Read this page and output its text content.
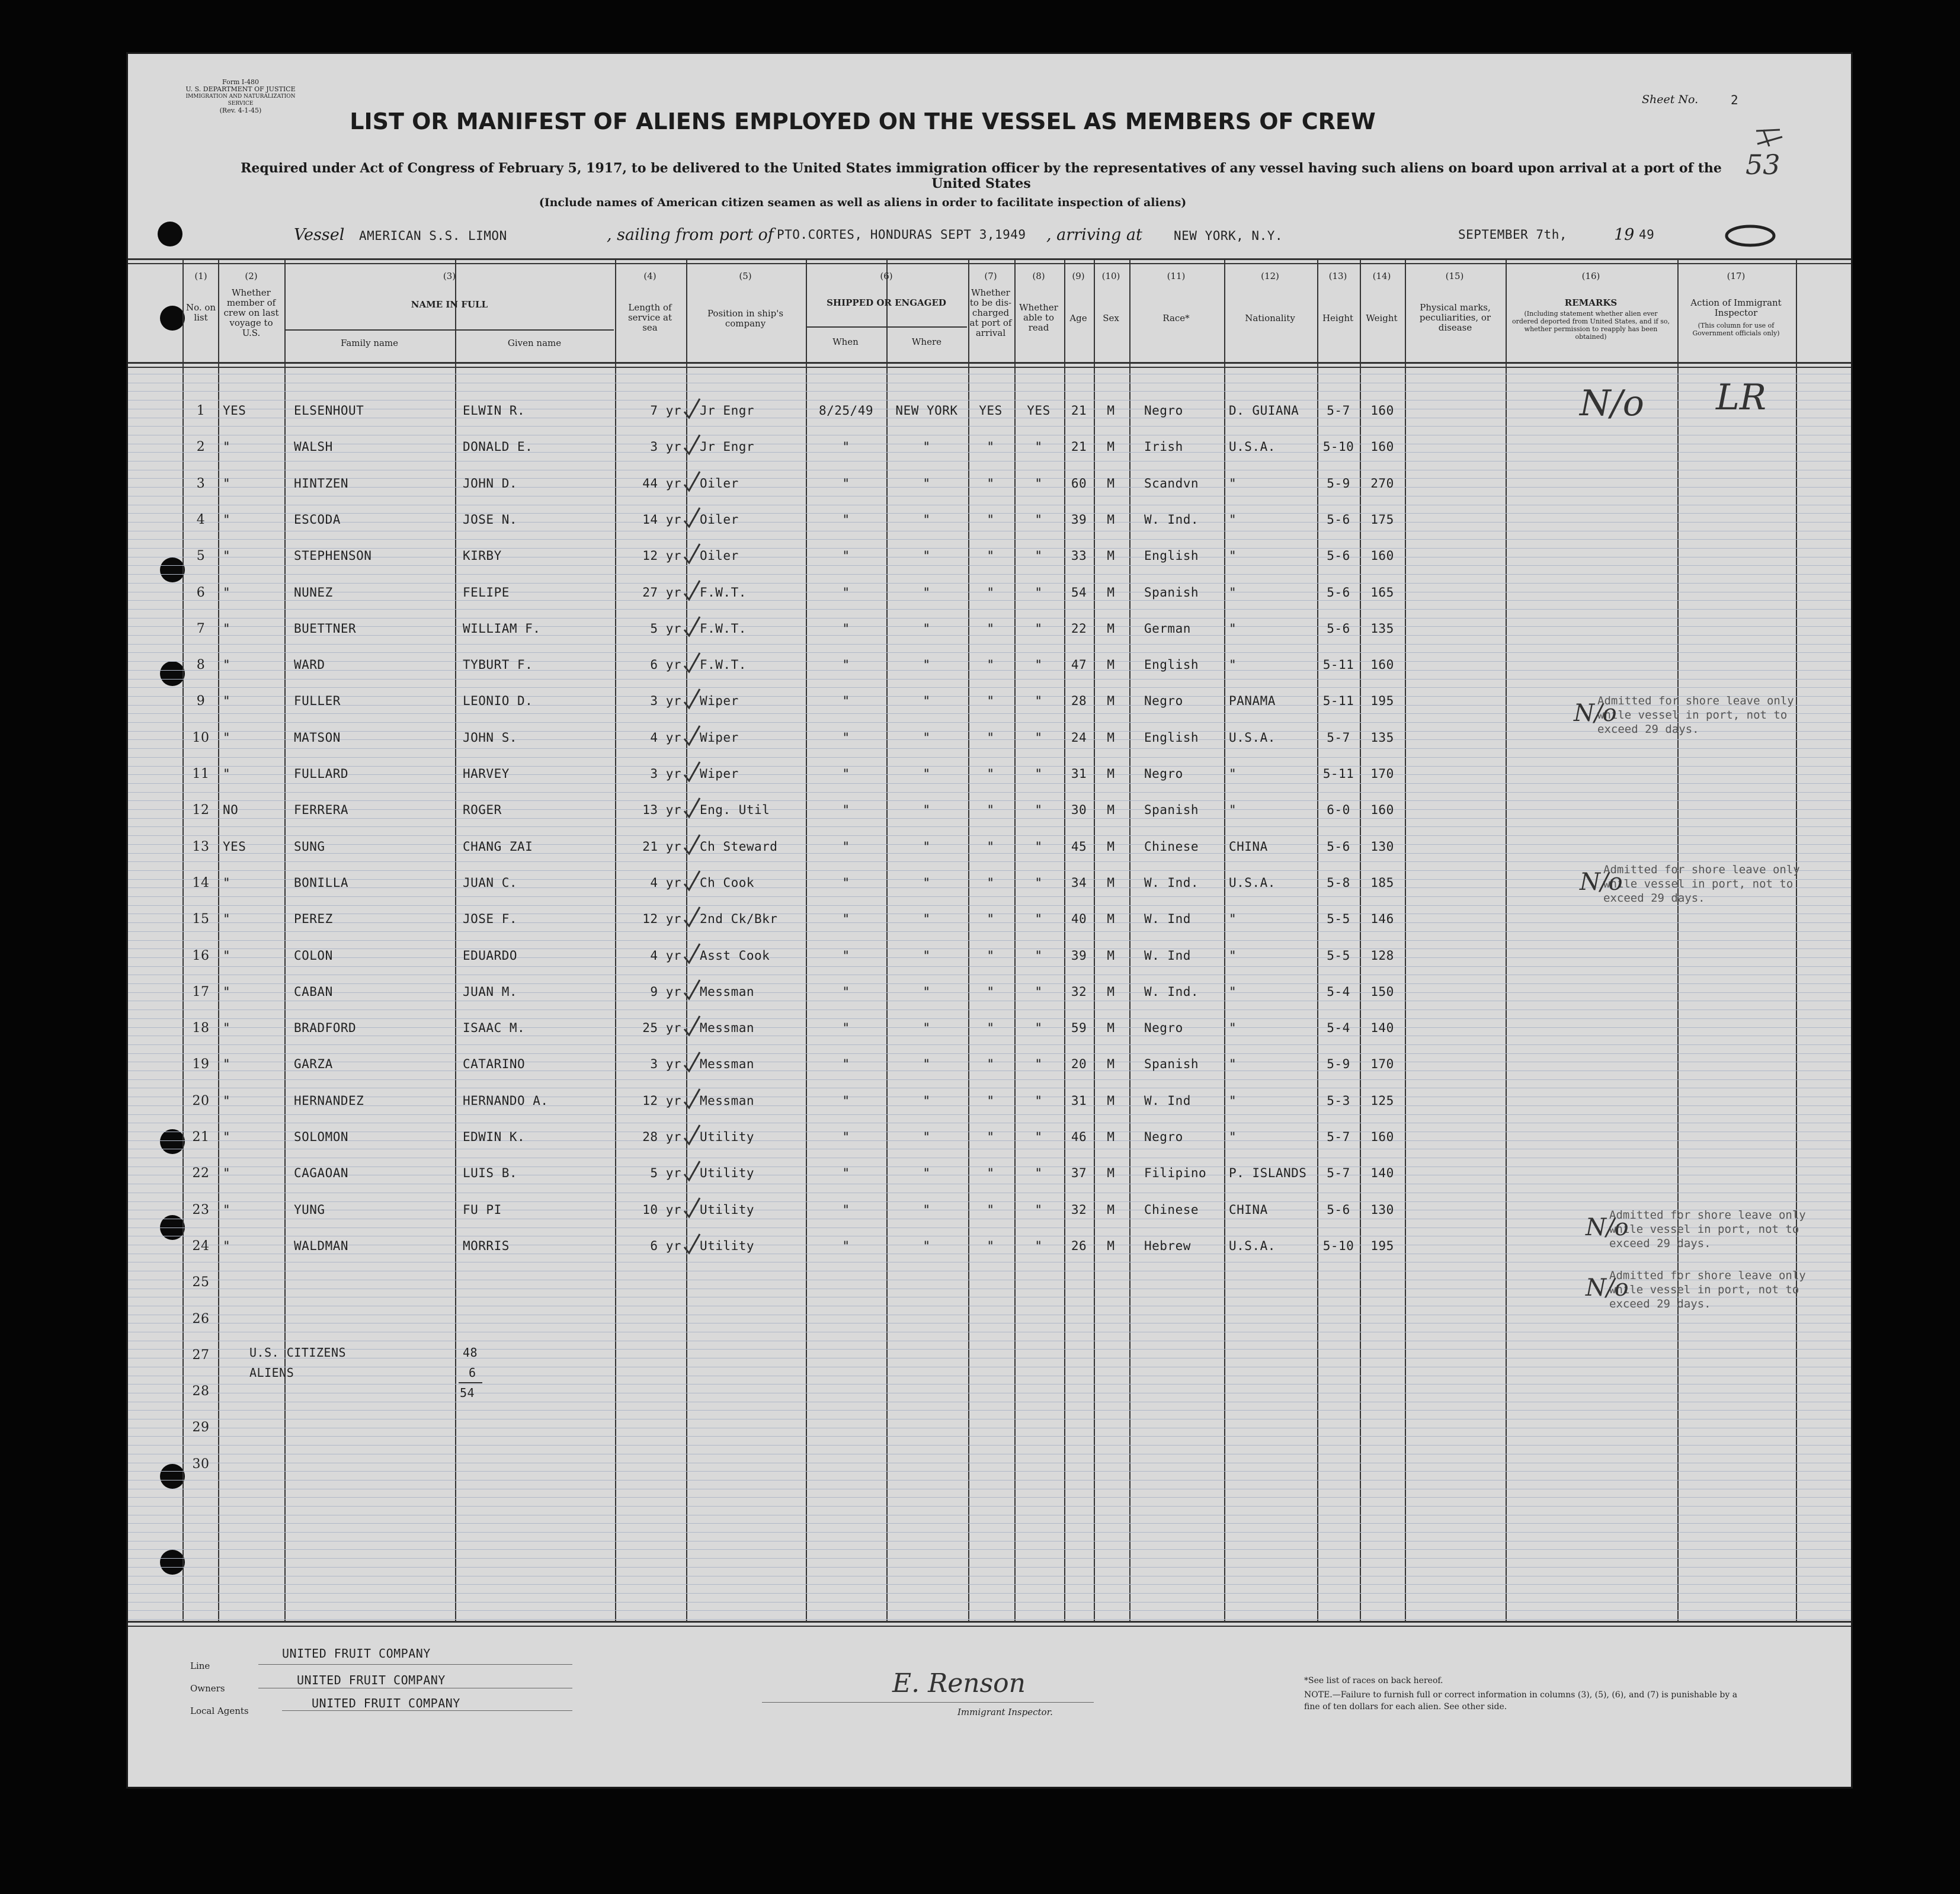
Form I-480
U. S. DEPARTMENT OF JUSTICE
IMMIGRATION AND NATURALIZATION SERVICE
(Rev. 4-1-45)
Sheet No.	2
53
LIST OR MANIFEST OF ALIENS EMPLOYED ON THE VESSEL AS MEMBERS OF CREW
Required under Act of Congress of February 5, 1917, to be delivered to the United States immigration officer by the representatives of any vessel having such aliens on board upon arrival at a port of the United States
(Include names of American citizen seamen as well as aliens in order to facilitate inspection of aliens)
Vessel AMERICAN S.S. LIMON	, sailing from port of PTO.CORTES, HONDURAS SEPT 3,1949 , arriving at	NEW YORK, N.Y.	SEPTEMBER 7th,	19 49
(1)	(2)	(3)	(4)	(5)	(6)	(7)	(8)	(9)	(10)	(11)	(12)	(13)	(14)	(15)	(16)	(17)
No. on list
Whether member of crew on last voyage to U.S.
NAME IN FULL
Family name	Given name
Length of service at sea
Position in ship's company
SHIPPED OR ENGAGED
When	Where
Whether to be dis-charged at port of arrival
Whether able to read
Age	Sex	Race*	Nationality	Height	Weight
Physical marks, peculiarities, or disease
REMARKS
(Including statement whether alien ever ordered deported from United States, and if so, whether permission to reapply has been obtained)
Action of Immigrant Inspector
(This column for use of Government officials only)
1	YES	ELSENHOUT	ELWIN R.	7 yr Jr Engr	8/25/49	NEW YORK	YES	YES	21	M	Negro	D. GUIANA	5-7	160
2	"	WALSH	DONALD E.	3 yr Jr Engr	"	"	"	"	21	M	Irish	U.S.A.	5-10	160
3	"	HINTZEN	JOHN D.	44 yr Oiler	"	"	"	"	60	M	Scandvn	"	5-9	270
4	"	ESCODA	JOSE N.	14 yr Oiler	"	"	"	"	39	M	W. Ind.	"	5-6	175
5	"	STEPHENSON	KIRBY	12 yr Oiler	"	"	"	"	33	M	English	"	5-6	160
6	"	NUNEZ	FELIPE	27 yr F.W.T.	"	"	"	"	54	M	Spanish	"	5-6	165
7	"	BUETTNER	WILLIAM F.	5 yr F.W.T.	"	"	"	"	22	M	German	"	5-6	135
8	"	WARD	TYBURT F.	6 yr F.W.T.	"	"	"	"	47	M	English	"	5-11	160
9	"	FULLER	LEONIO D.	3 yr Wiper	"	"	"	"	28	M	Negro	PANAMA	5-11	195
10	"	MATSON	JOHN S.	4 yr Wiper	"	"	"	"	24	M	English	U.S.A.	5-7	135
11	"	FULLARD	HARVEY	3 yr Wiper	"	"	"	"	31	M	Negro	"	5-11	170
12	NO	FERRERA	ROGER	13 yr Eng. Util	"	"	"	"	30	M	Spanish	"	6-0	160
13	YES	SUNG	CHANG ZAI	21 yr Ch Steward	"	"	"	"	45	M	Chinese	CHINA	5-6	130
14	"	BONILLA	JUAN C.	4 yr Ch Cook	"	"	"	"	34	M	W. Ind.	U.S.A.	5-8	185
15	"	PEREZ	JOSE F.	12 yr 2nd Ck/Bkr	"	"	"	"	40	M	W. Ind	"	5-5	146
16	"	COLON	EDUARDO	4 yr Asst Cook	"	"	"	"	39	M	W. Ind	"	5-5	128
17	"	CABAN	JUAN M.	9 yr Messman	"	"	"	"	32	M	W. Ind.	"	5-4	150
18	"	BRADFORD	ISAAC M.	25 yr Messman	"	"	"	"	59	M	Negro	"	5-4	140
19	"	GARZA	CATARINO	3 yr Messman	"	"	"	"	20	M	Spanish	"	5-9	170
20	"	HERNANDEZ	HERNANDO A.	12 yr Messman	"	"	"	"	31	M	W. Ind	"	5-3	125
21	"	SOLOMON	EDWIN K.	28 yr Utility	"	"	"	"	46	M	Negro	"	5-7	160
22	"	CAGAOAN	LUIS B.	5 yr Utility	"	"	"	"	37	M	Filipino	P. ISLANDS	5-7	140
23	"	YUNG	FU PI	10 yr Utility	"	"	"	"	32	M	Chinese	CHINA	5-6	130
24	"	WALDMAN	MORRIS	6 yr Utility	"	"	"	"	26	M	Hebrew	U.S.A.	5-10	195
25
26
27
28
29
30
U.S. CITIZENS	48
ALIENS	6
54
Admitted for shore leave only while vessel in port, not to exceed 29 days.
N/o
Admitted for shore leave only while vessel in port, not to exceed 29 days.
N/o
Admitted for shore leave only while vessel in port, not to exceed 29 days.
N/o
Admitted for shore leave only while vessel in port, not to exceed 29 days.
N/o
N/o LR
Line
UNITED FRUIT COMPANY
Owners
UNITED FRUIT COMPANY
Local Agents
UNITED FRUIT COMPANY
E. Renson
Immigrant Inspector.
*See list of races on back hereof.
NOTE.—Failure to furnish full or correct information in columns (3), (5), (6), and (7) is punishable by a fine of ten dollars for each alien. See other side.
